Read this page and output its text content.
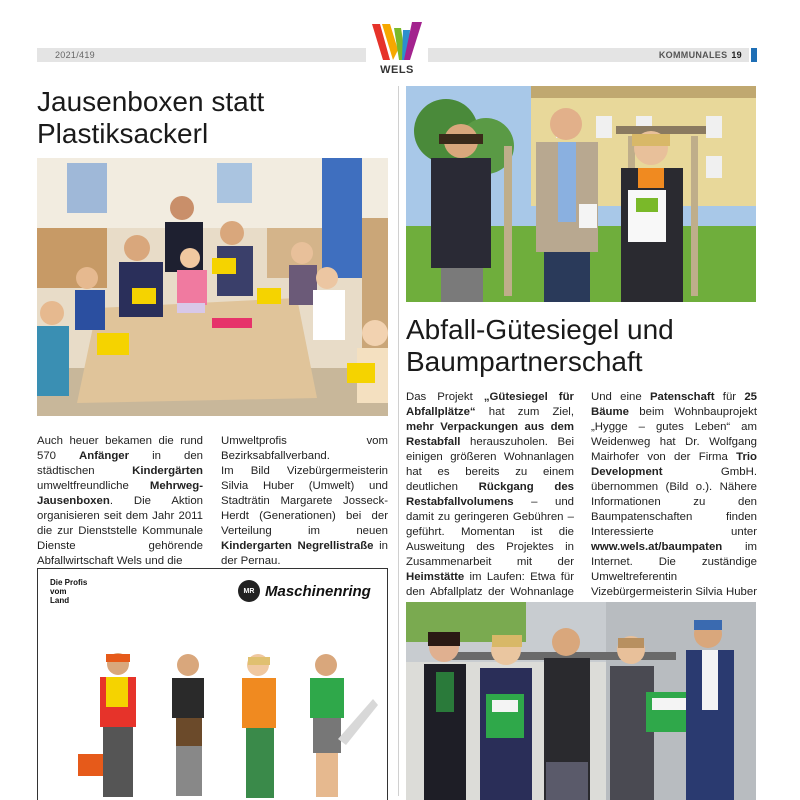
2021/419	KOMMUNALES 19
WELS
Jausenboxen statt Plastiksackerl
Auch heuer bekamen die rund 570 Anfänger in den städtischen Kindergärten umweltfreundliche Mehrweg-Jausenboxen. Die Aktion organisieren seit dem Jahr 2011 die zur Dienststelle Kommunale Dienste gehörende Abfallwirtschaft Wels und die
Umweltprofis vom Bezirksabfallverband.
Im Bild Vizebürgermeisterin Silvia Huber (Umwelt) und Stadträtin Margarete Josseck-Herdt (Generationen) bei der Verteilung im neuen Kindergarten Negrellistraße in der Pernau.
Die Profis
vom
Land
MR Maschinenring
Abfall-Gütesiegel und Baumpartnerschaft
Das Projekt „Gütesiegel für Abfallplätze“ hat zum Ziel, mehr Verpackungen aus dem Restabfall herauszuholen. Bei einigen größeren Wohnanlagen hat es bereits zu einem deutlichen Rückgang des Restabfallvolumens – und damit zu geringeren Gebühren – geführt. Momentan ist die Ausweitung des Projektes in Zusammenarbeit mit der Heimstätte im Laufen: Etwa für den Abfallplatz der Wohnanlage
Und eine Patenschaft für 25 Bäume beim Wohnbauprojekt „Hygge – gutes Leben“ am Weidenweg hat Dr. Wolfgang Mairhofer von der Firma Trio Development GmbH. übernommen (Bild o.). Nähere Informationen zu den Baumpatenschaften finden Interessierte unter www.wels.at/baumpaten im Internet. Die zuständige Umweltreferentin Vizebürgermeisterin Silvia Huber
